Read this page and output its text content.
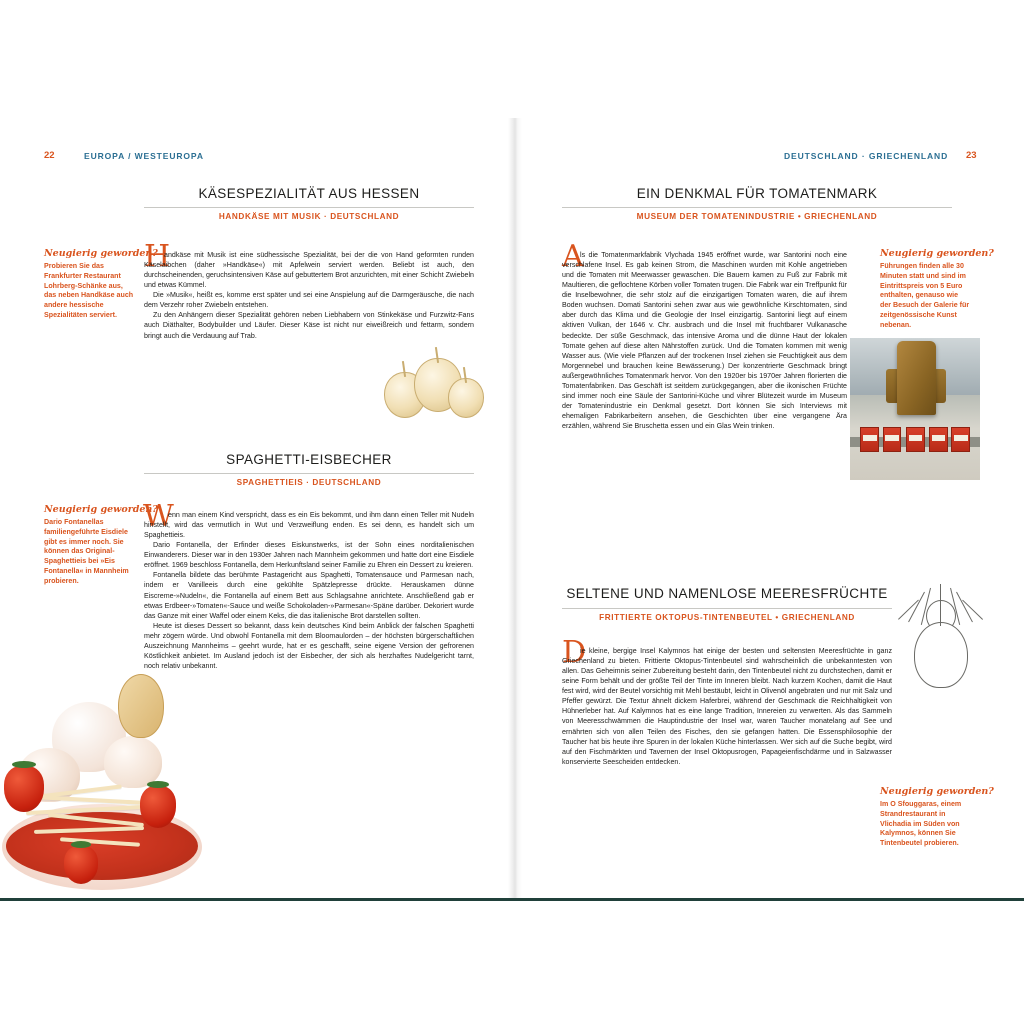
22	EUROPA / WESTEUROPA
KÄSESPEZIALITÄT AUS HESSEN
HANDKÄSE MIT MUSIK · DEUTSCHLAND
Neugierig geworden?
Probieren Sie das Frankfurter Restaurant Lohrberg-Schänke aus, das neben Handkäse auch andere hessische Spezialitäten serviert.
H

andkäse mit Musik ist eine südhessische Spezialität, bei der die von Hand geformten runden Käselaibchen (daher »Handkäse«) mit Apfelwein serviert werden. Beliebt ist auch, den durchscheinenden, geruchsintensiven Käse auf gebuttertem Brot anzurichten, mit einer Schicht Zwiebeln und etwas Kümmel.

Die »Musik«, heißt es, komme erst später und sei eine Anspielung auf die Darmgeräusche, die nach dem Verzehr roher Zwiebeln entstehen.

Zu den Anhängern dieser Spezialität gehören neben Liebhabern von Stinkekäse und Furzwitz-Fans auch Diäthalter, Bodybuilder und Läufer. Dieser Käse ist nicht nur eiweißreich und fettarm, sondern bringt auch die Verdauung auf Trab.

SPAGHETTI-EISBECHER
SPAGHETTIEIS · DEUTSCHLAND
Neugierig geworden?
Dario Fontanellas familiengeführte Eisdiele gibt es immer noch. Sie können das Original-Spaghettieis bei »Eis Fontanella« in Mannheim probieren.
W

enn man einem Kind verspricht, dass es ein Eis bekommt, und ihm dann einen Teller mit Nudeln hinstellt, wird das vermutlich in Wut und Verzweiflung enden. Es sei denn, es handelt sich um Spaghettieis.

Dario Fontanella, der Erfinder dieses Eiskunstwerks, ist der Sohn eines norditalienischen Einwanderers. Dieser war in den 1930er Jahren nach Mannheim gekommen und hatte dort eine Eisdiele eröffnet. 1969 beschloss Fontanella, dem Herkunftsland seiner Familie zu Ehren ein Dessert zu kreieren.

Fontanella bildete das berühmte Pastagericht aus Spaghetti, Tomatensauce und Parmesan nach, indem er Vanilleeis durch eine gekühlte Spätzlepresse drückte. Herauskamen dünne Eiscreme-»Nudeln«, die Fontanella auf einem Bett aus Schlagsahne anrichtete. Anschließend gab er etwas Erdbeer-»Tomaten«-Sauce und weiße Schokoladen-»Parmesan«-Späne darüber. Dekoriert wurde das Ganze mit einer Waffel oder einem Keks, die das italienische Brot darstellen sollten.

Heute ist dieses Dessert so bekannt, dass kein deutsches Kind beim Anblick der falschen Spaghetti mehr zögern würde. Und obwohl Fontanella mit dem Bloomaulorden – der höchsten bürgerschaftlichen Auszeichnung Mannheims – geehrt wurde, hat er es geschafft, seine eigene Version der gefrorenen Köstlichkeit anbietet. Im Ausland jedoch ist der Eisbecher, der sich als herzhaftes Nudelgericht tarnt, noch relativ unbekannt.

DEUTSCHLAND · GRIECHENLAND 23
EIN DENKMAL FÜR TOMATENMARK
MUSEUM DER TOMATENINDUSTRIE • GRIECHENLAND
Neugierig geworden?
Führungen finden alle 30 Minuten statt und sind im Eintrittspreis von 5 Euro enthalten, genauso wie der Besuch der Galerie für zeitgenössische Kunst nebenan.
A

ls die Tomatenmarkfabrik Vlychada 1945 eröffnet wurde, war Santorini noch eine verschlafene Insel. Es gab keinen Strom, die Maschinen wurden mit Kohle angetrieben und die Tomaten mit Meerwasser gewaschen. Die Bauern kamen zu Fuß zur Fabrik mit Maultieren, die geflochtene Körben voller Tomaten trugen. Die Fabrik war ein Treffpunkt für die Inselbewohner, die sehr stolz auf die einzigartigen Tomaten waren, die auf ihrem Boden wuchsen. Domati Santorini sehen zwar aus wie gewöhnliche Kirschtomaten, sind aber durch das Klima und die Geologie der Insel einzigartig. Santorini liegt auf einem aktiven Vulkan, der 1646 v. Chr. ausbrach und die Insel mit fruchtbarer Vulkanasche bedeckte. Der süße Geschmack, das intensive Aroma und die dünne Haut der lokalen Tomate gehen auf diese alten Nährstoffen zurück. Und die Tomaten kommen mit wenig Wasser aus. (Wie viele Pflanzen auf der trockenen Insel ziehen sie Feuchtigkeit aus dem Morgennebel und brauchen keine Bewässerung.) Der konzentrierte Geschmack bringt außergewöhnliches Tomatenmark hervor. Von den 1920er bis 1970er Jahren florierten die Tomatenfabriken. Das Geschäft ist seitdem zurückgegangen, aber die ikonischen Früchte sind immer noch eine Säule der Santorini-Küche und vihrer Blütezeit wurde im Museum der Tomatenindustrie ein Denkmal gesetzt. Dort können Sie sich Interviews mit ehemaligen Fabrikarbeitern ansehen, die Geschichten über eine vergangene Ära erzählen, während Sie Bruschetta essen und ein Glas Wein trinken.

SELTENE UND NAMENLOSE MEERESFRÜCHTE
FRITTIERTE OKTOPUS-TINTENBEUTEL • GRIECHENLAND
Neugierig geworden?
Im O Sfouggaras, einem Strandrestaurant in Vlichadia im Süden von Kalymnos, können Sie Tintenbeutel probieren.
D

ie kleine, bergige Insel Kalymnos hat einige der besten und seltensten Meeresfrüchte in ganz Griechenland zu bieten. Frittierte Oktopus-Tintenbeutel sind wahrscheinlich die unbekanntesten von allen. Das Geheimnis seiner Zubereitung besteht darin, den Tintenbeutel nicht zu durchstechen, damit er seine Form behält und der größte Teil der Tinte im Inneren bleibt. Nach kurzem Kochen, damit die Haut fest wird, wird der Beutel vorsichtig mit Mehl bestäubt, leicht in Olivenöl angebraten und nur mit Salz und Pfeffer gewürzt. Die Textur ähnelt dickem Haferbrei, während der Geschmack die Reichhaltigkeit von Hühnerleber hat. Auf Kalymnos hat es eine lange Tradition, Innereien zu verwerten. Als das Sammeln von Meeresschwämmen die Hauptindustrie der Insel war, waren Taucher monatelang auf See und ernährten sich von allen Teilen des Fisches, den sie gefangen hatten. Die Essensphilosophie der Taucher hat bis heute ihre Spuren in der lokalen Küche hinterlassen. Wer sich auf die Suche begibt, wird auf den Fischmärkten und Tavernen der Insel Oktopusrogen, Papageienfischdärme und in Salzwasser konservierte Seescheiden entdecken.
